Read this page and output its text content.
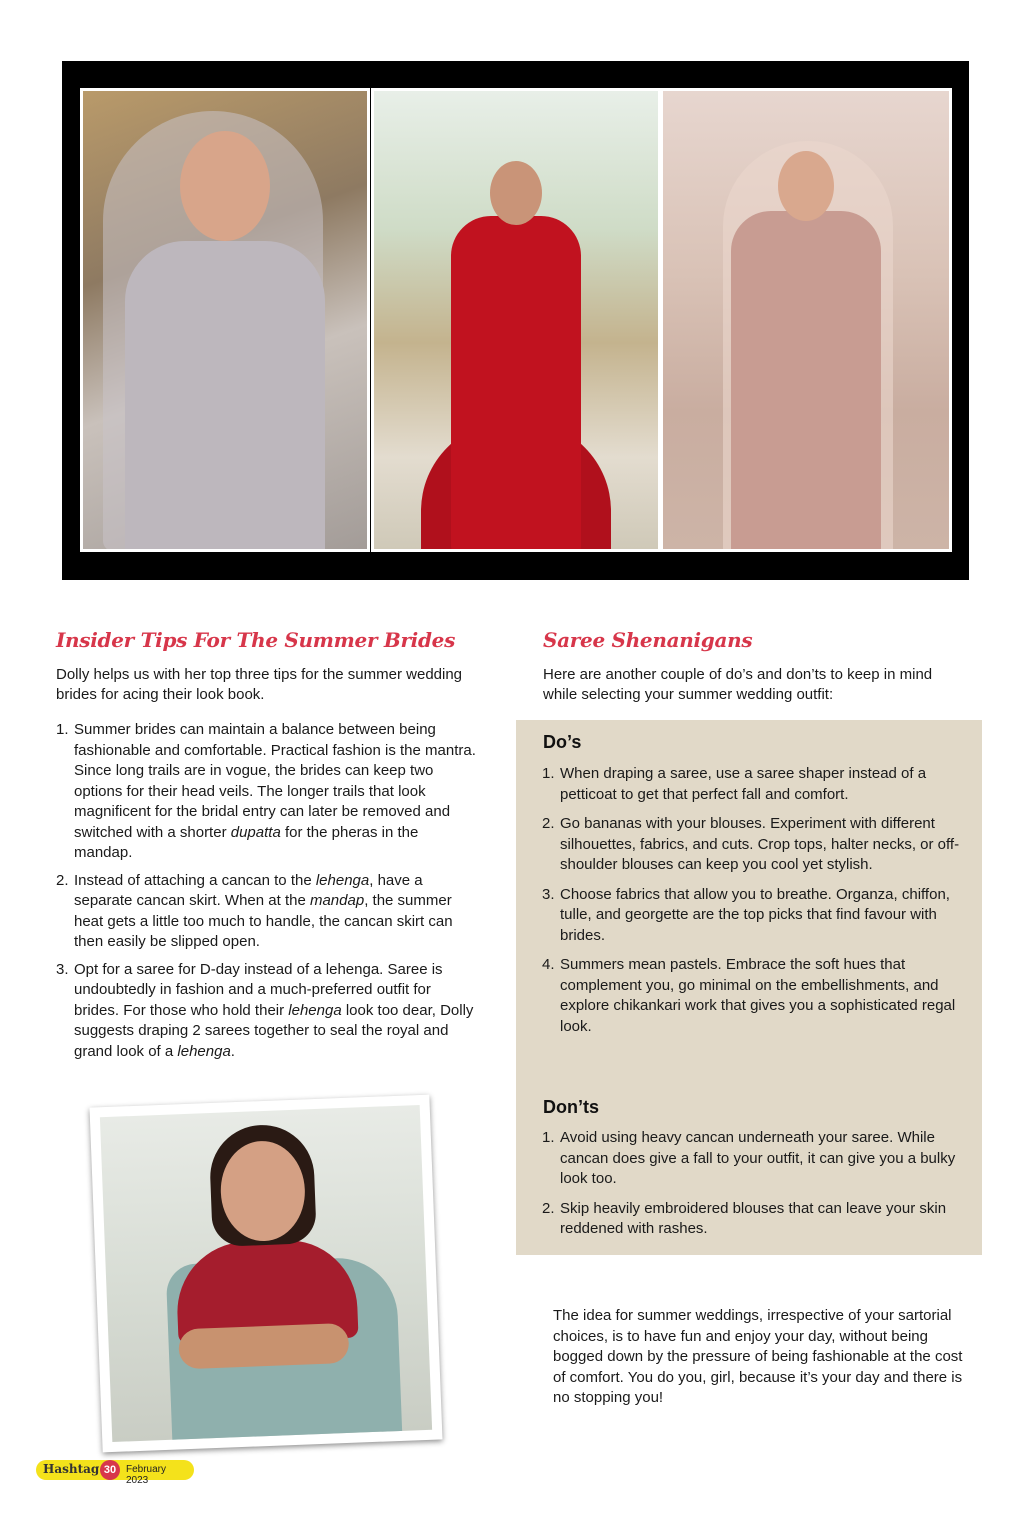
Insider Tips For The Summer Brides

Dolly helps us with her top three tips for the summer wedding brides for acing their look book.

1. Summer brides can maintain a balance between being fashionable and comfortable. Practical fashion is the mantra. Since long trails are in vogue, the brides can keep two options for their head veils. The longer trails that look magnificent for the bridal entry can later be removed and switched with a shorter dupatta for the pheras in the mandap.
2. Instead of attaching a cancan to the lehenga, have a separate cancan skirt. When at the mandap, the summer heat gets a little too much to handle, the cancan skirt can then easily be slipped open.
3. Opt for a saree for D-day instead of a lehenga. Saree is undoubtedly in fashion and a much-preferred outfit for brides. For those who hold their lehenga look too dear, Dolly suggests draping 2 sarees together to seal the royal and grand look of a lehenga.
Saree Shenanigans

Here are another couple of do’s and don’ts to keep in mind while selecting your summer wedding outfit:

Do’s
1. When draping a saree, use a saree shaper instead of a petticoat to get that perfect fall and comfort.
2. Go bananas with your blouses. Experiment with different silhouettes, fabrics, and cuts. Crop tops, halter necks, or off-shoulder blouses can keep you cool yet stylish.
3. Choose fabrics that allow you to breathe. Organza, chiffon, tulle, and georgette are the top picks that find favour with brides.
4. Summers mean pastels. Embrace the soft hues that complement you, go minimal on the embellishments, and explore chikankari work that gives you a sophisticated regal look.
Don’ts
1. Avoid using heavy cancan underneath your saree. While cancan does give a fall to your outfit, it can give you a bulky look too.
2. Skip heavily embroidered blouses that can leave your skin reddened with rashes.

The idea for summer weddings, irrespective of your sartorial choices, is to have fun and enjoy your day, without being bogged down by the pressure of being fashionable at the cost of comfort. You do you, girl, because it’s your day and there is no stopping you!

Hashtag 30 February 2023
